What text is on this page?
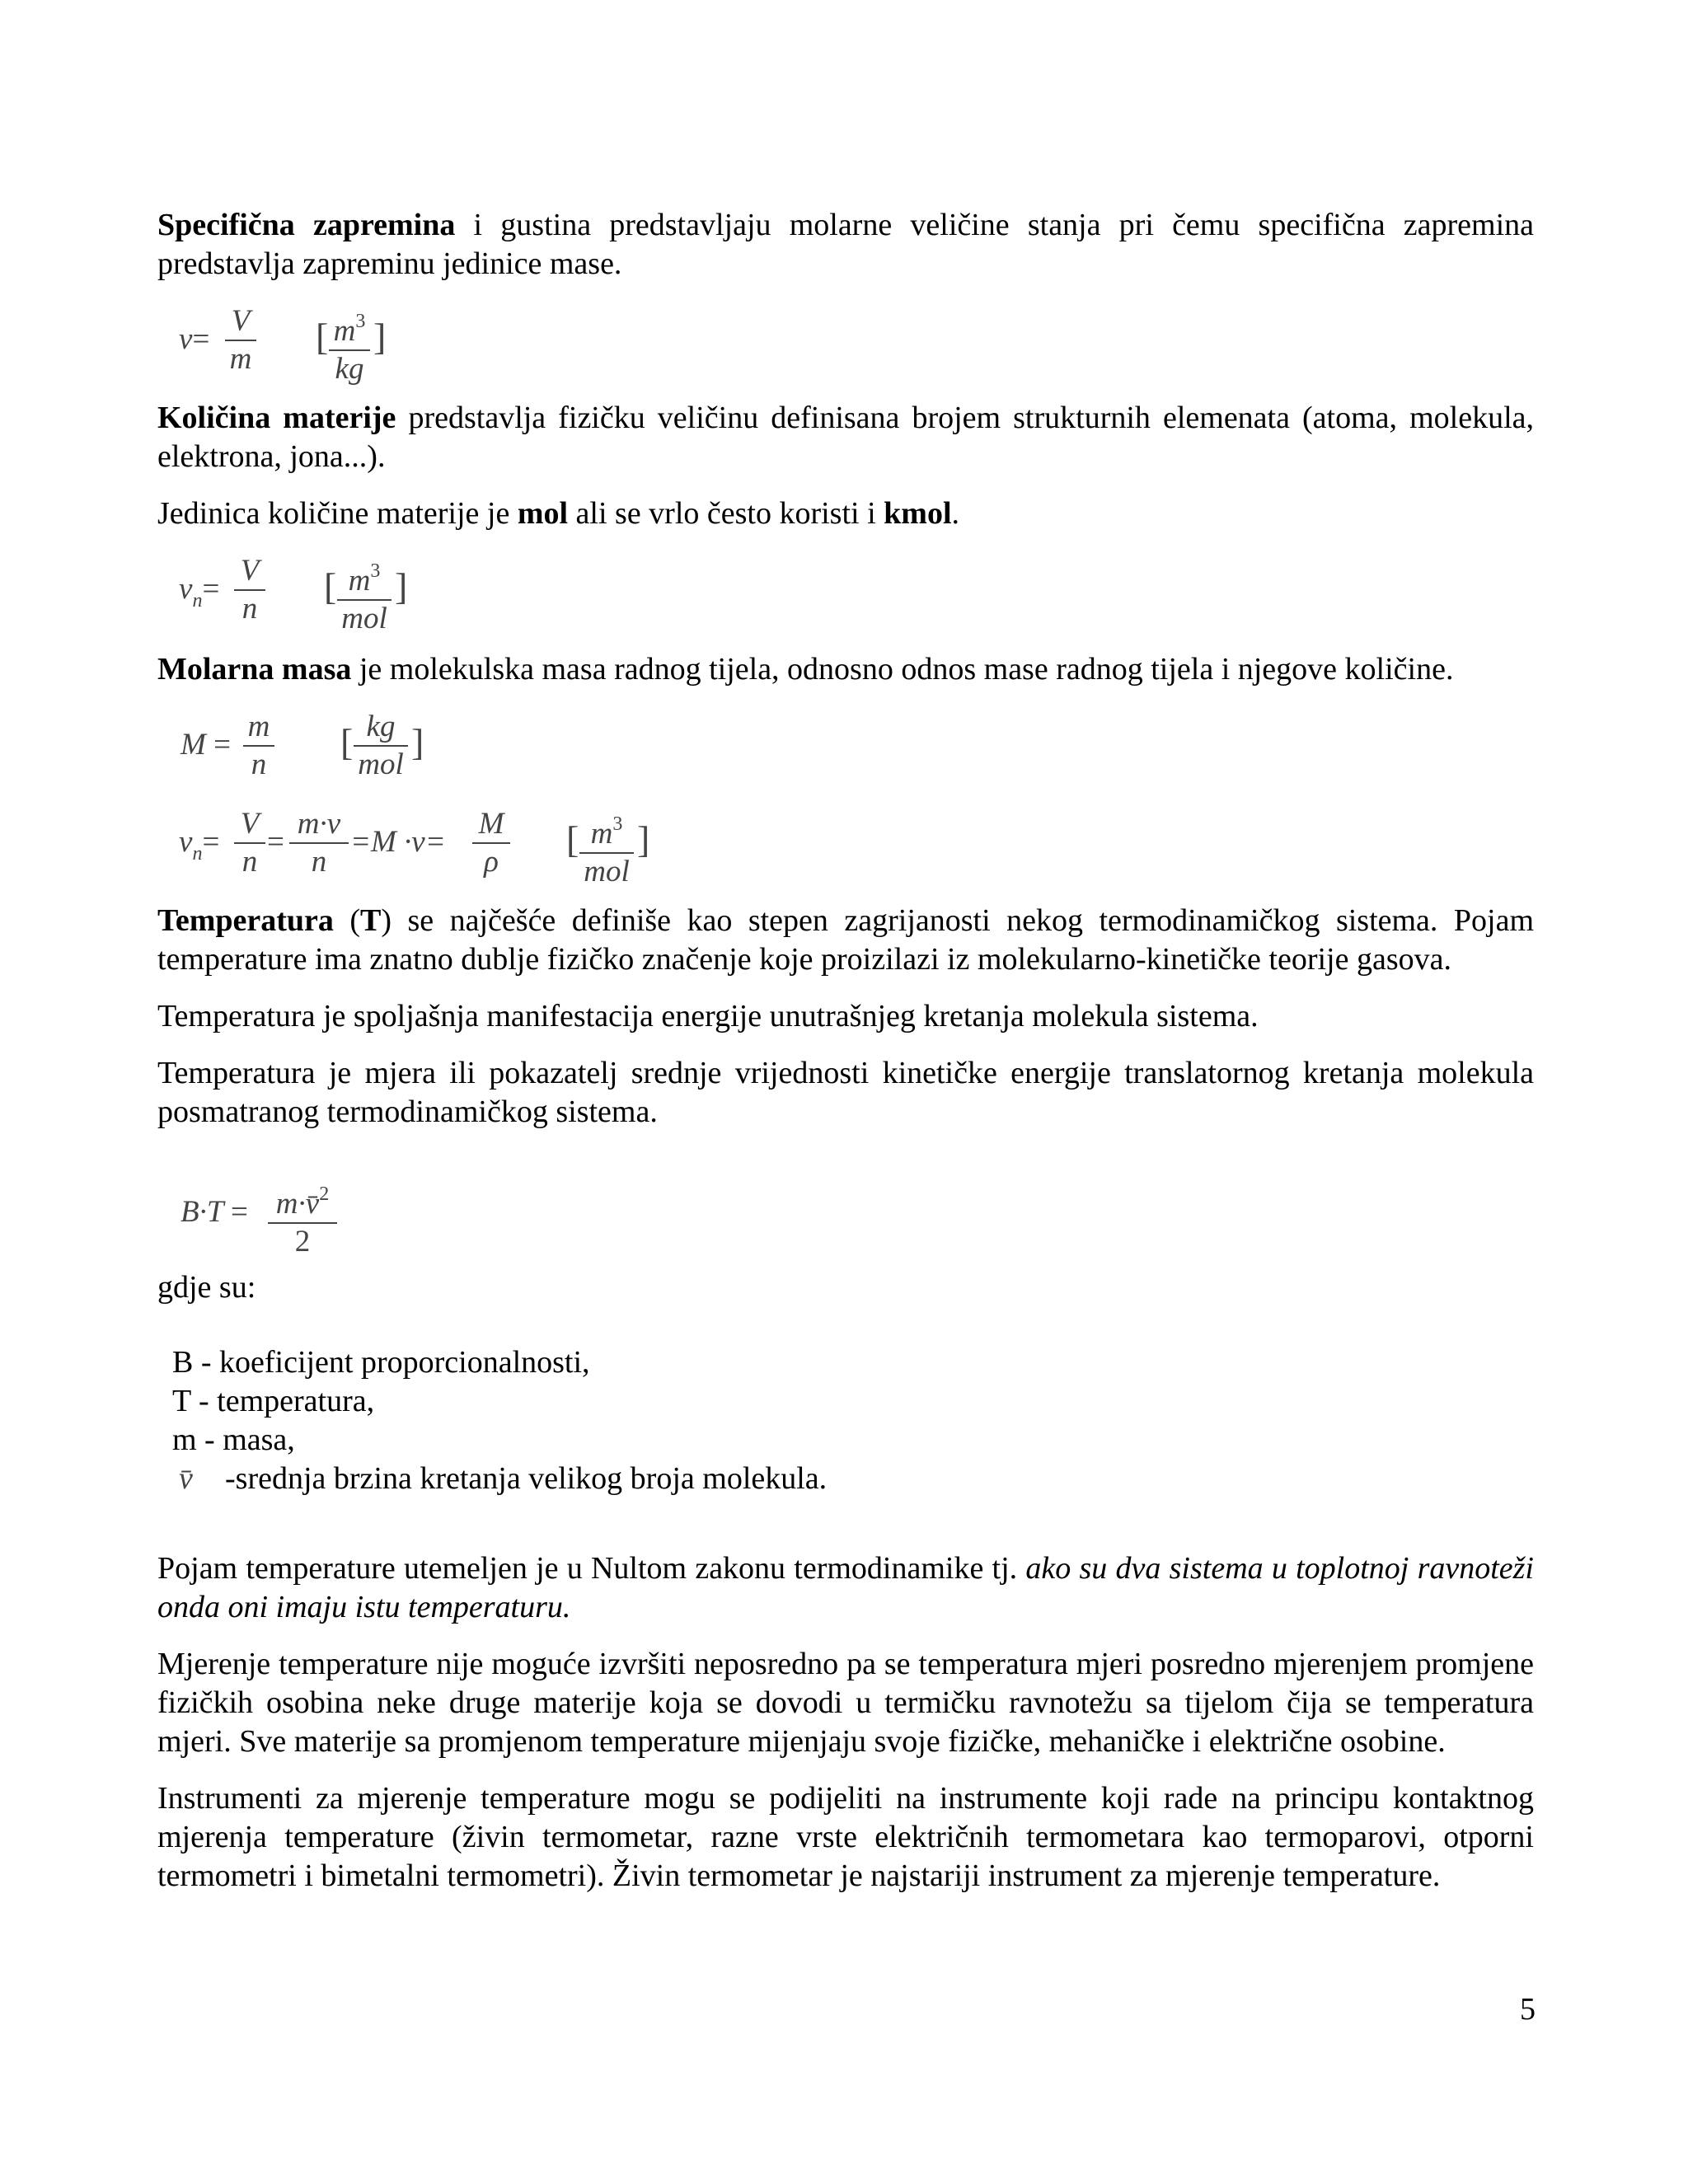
Specifična zapremina i gustina predstavljaju molarne veličine stanja pri čemu specifična zapremina predstavlja zapreminu jedinice mase.

v=
V
m
[ $m^3$
kg
]

Količina materije predstavlja fizičku veličinu definisana brojem strukturnih elemenata (atoma, molekula, elektrona, jona...).

Jedinica količine materije je mol ali se vrlo često koristi i kmol.

$v_n=$
V
n
[ $m^3$
mol
]

Molarna masa je molekulska masa radnog tijela, odnosno odnos mase radnog tijela i njegove količine.

M =
m
n
[ kg
mol
]
$v_n=$
V
n
=
m·v
n
=M ·v=
M
ρ
[ $m^3$
mol
]

Temperatura (T) se najčešće definiše kao stepen zagrijanosti nekog termodinamičkog sistema. Pojam temperature ima znatno dublje fizičko značenje koje proizilazi iz molekularno-kinetičke teorije gasova.

Temperatura je spoljašnja manifestacija energije unutrašnjeg kretanja molekula sistema.

Temperatura je mjera ili pokazatelj srednje vrijednosti kinetičke energije translatornog kretanja molekula posmatranog termodinamičkog sistema.

B·T = m·v̄$^2$
2

gdje su:

B - koeficijent proporcionalnosti,
T - temperatura,
m - masa,
v̄ -srednja brzina kretanja velikog broja molekula.

Pojam temperature utemeljen je u Nultom zakonu termodinamike tj. ako su dva sistema u toplotnoj ravnoteži onda oni imaju istu temperaturu.

Mjerenje temperature nije moguće izvršiti neposredno pa se temperatura mjeri posredno mjerenjem promjene fizičkih osobina neke druge materije koja se dovodi u termičku ravnotežu sa tijelom čija se temperatura mjeri. Sve materije sa promjenom temperature mijenjaju svoje fizičke, mehaničke i električne osobine.

Instrumenti za mjerenje temperature mogu se podijeliti na instrumente koji rade na principu kontaktnog mjerenja temperature (živin termometar, razne vrste električnih termometara kao termoparovi, otporni termometri i bimetalni termometri). Živin termometar je najstariji instrument za mjerenje temperature.

5
